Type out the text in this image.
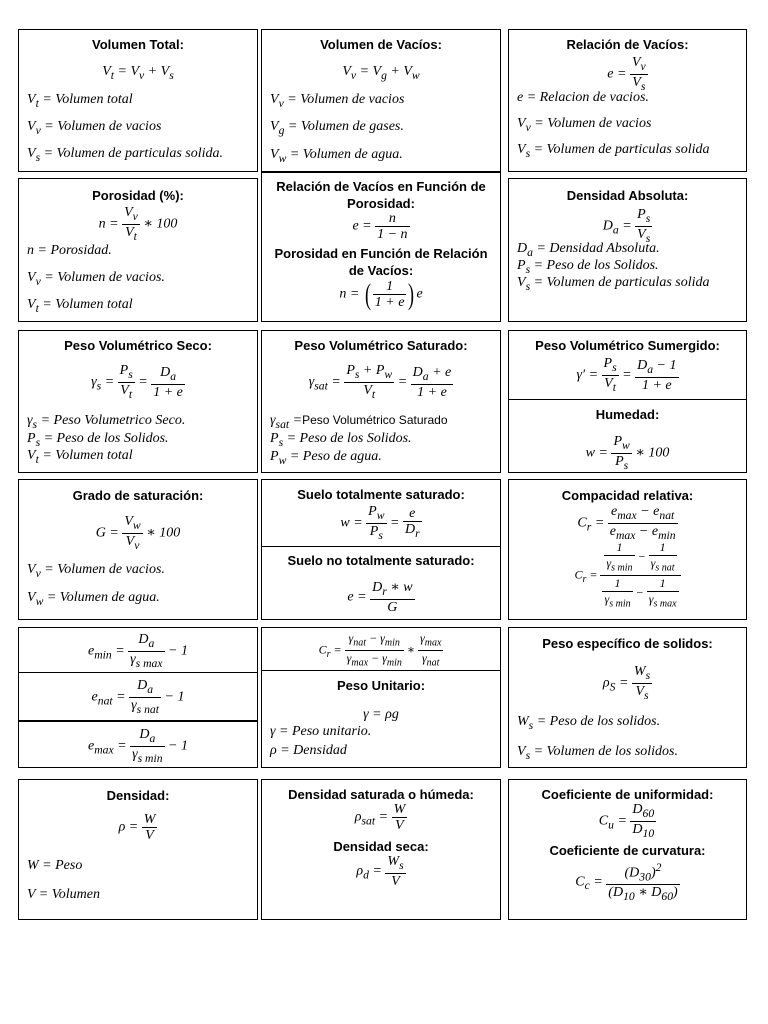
Volumen Total:
$V_t = V_v + V_s$
$V_t$ = Volumen total
$V_v$ = Volumen de vacios
$V_s$ = Volumen de particulas solida.
Volumen de Vacíos:
$V_v = V_g + V_w$
$V_v$ = Volumen de vacios
$V_g$ = Volumen de gases.
$V_w$ = Volumen de agua.
Relación de Vacíos:
$e = \frac{V_v}{V_s}$
e = Relacion de vacios.
$V_v$ = Volumen de vacios
$V_s$ = Volumen de particulas solida
Porosidad (%):
$n = \frac{V_v}{V_t}$ ∗ 100
n = Porosidad.
$V_v$ = Volumen de vacios.
$V_t$ = Volumen total
Relación de Vacíos en Función de
Porosidad:
$e = \frac{n}{1 - n}$
Porosidad en Función de Relación
de Vacíos:
n = ( $\frac{1}{1 + e}$ ) e
Densidad Absoluta:
$D_a = \frac{P_s}{V_s}$
$D_a$ = Densidad Absoluta.
$P_s$ = Peso de los Solidos.
$V_s$ = Volumen de particulas solida
Peso Volumétrico Seco:
$\gamma_s = \frac{P_s}{V_t} = \frac{D_a}{1 + e}$
$\gamma_s$ = Peso Volumetrico Seco.
$P_s$ = Peso de los Solidos.
$V_t$ = Volumen total
Peso Volumétrico Saturado:
$\gamma_{sat} = \frac{P_s + P_w}{V_t} = \frac{D_a + e}{1 + e}$
$\gamma_{sat}$ =Peso Volumétrico Saturado
$P_s$ = Peso de los Solidos.
$P_w$ = Peso de agua.
Peso Volumétrico Sumergido:
$\gamma' = \frac{P_s}{V_t} = \frac{D_a - 1}{1 + e}$
Humedad:
$w = \frac{P_w}{P_s}$ ∗ 100
Grado de saturación:
$G = \frac{V_w}{V_v}$ ∗ 100
$V_v$ = Volumen de vacios.
$V_w$ = Volumen de agua.
Suelo totalmente saturado:
$w = \frac{P_w}{P_s} = \frac{e}{D_r}$
Suelo no totalmente saturado:
$e = \frac{D_r ∗ w}{G}$
Compacidad relativa:
$C_r$ =
$e_{max} - e_{nat}$
$e_{max} - e_{min}$
$C_r$ =
1
$\gamma_{s min}$
−
1
$\gamma_{s nat}$
1
$\gamma_{s min}$
−
1
$\gamma_{s max}$
$e_{min}$ =
$D_a$
$\gamma_{s max}$
− 1
$e_{nat}$ =
$D_a$
$\gamma_{s nat}$
− 1
$e_{max}$ =
$D_a$
$\gamma_{s min}$
− 1
$C_r$ =
$\gamma_{nat} - \gamma_{min}$
$\gamma_{max} - \gamma_{min}$
∗
$\gamma_{max}$
$\gamma_{nat}$
Peso Unitario:
γ = ρg
γ = Peso unitario.
ρ = Densidad
Peso específico de solidos:
$\rho_S = \frac{W_s}{V_s}$
$W_s$ = Peso de los solidos.
$V_s$ = Volumen de los solidos.
Densidad:
$\rho = \frac{W}{V}$
W = Peso
V = Volumen
Densidad saturada o húmeda:
$\rho_{sat} = \frac{W}{V}$
Densidad seca:
$\rho_d = \frac{W_s}{V}$
Coeficiente de uniformidad:
$C_u = \frac{D_{60}}{D_{10}}$
Coeficiente de curvatura:
$C_c = \frac{(D_{30})^2}{(D_{10} ∗ D_{60})}$
